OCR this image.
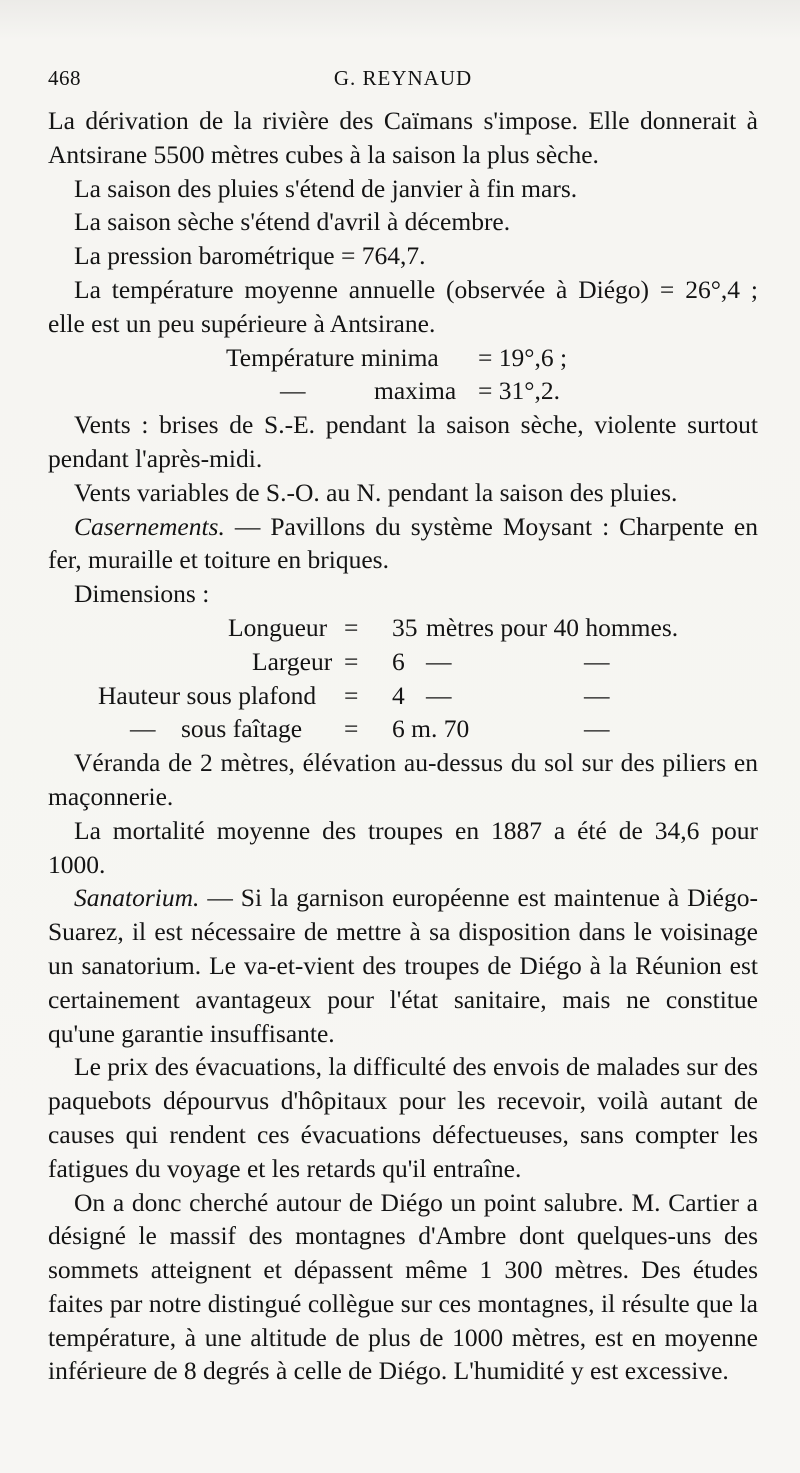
468	G. REYNAUD

La dérivation de la rivière des Caïmans s'impose. Elle donnerait à Antsirane 5500 mètres cubes à la saison la plus sèche.

La saison des pluies s'étend de janvier à fin mars.

La saison sèche s'étend d'avril à décembre.

La pression barométrique = 764,7.

La température moyenne annuelle (observée à Diégo) = 26°,4 ; elle est un peu supérieure à Antsirane.

Température minima = 19°,6 ;
—	maxima = 31°,2.

Vents : brises de S.-E. pendant la saison sèche, violente surtout pendant l'après-midi.

Vents variables de S.-O. au N. pendant la saison des pluies.

Casernements. — Pavillons du système Moysant : Charpente en fer, muraille et toiture en briques.

Dimensions :

Longueur = 35 mètres pour 40 hommes.
Largeur = 6 —	—
Hauteur sous plafond = 4 —	—
—    sous faîtage = 6 m. 70	—

Véranda de 2 mètres, élévation au-dessus du sol sur des piliers en maçonnerie.

La mortalité moyenne des troupes en 1887 a été de 34,6 pour 1000.

Sanatorium. — Si la garnison européenne est maintenue à Diégo-Suarez, il est nécessaire de mettre à sa disposition dans le voisinage un sanatorium. Le va-et-vient des troupes de Diégo à la Réunion est certainement avantageux pour l'état sanitaire, mais ne constitue qu'une garantie insuffisante.

Le prix des évacuations, la difficulté des envois de malades sur des paquebots dépourvus d'hôpitaux pour les recevoir, voilà autant de causes qui rendent ces évacuations défectueuses, sans compter les fatigues du voyage et les retards qu'il entraîne.

On a donc cherché autour de Diégo un point salubre. M. Cartier a désigné le massif des montagnes d'Ambre dont quelques-uns des sommets atteignent et dépassent même 1 300 mètres. Des études faites par notre distingué collègue sur ces montagnes, il résulte que la température, à une altitude de plus de 1000 mètres, est en moyenne inférieure de 8 degrés à celle de Diégo. L'humidité y est excessive.
